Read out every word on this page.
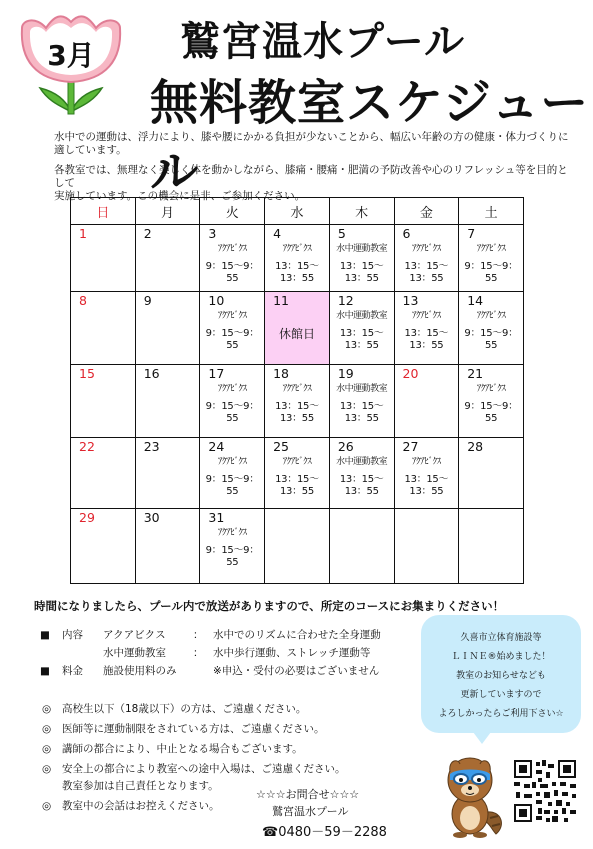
3月 鷲宮温水プール
無料教室スケジュール
水中での運動は、浮力により、膝や腰にかかる負担が少ないことから、幅広い年齢の方の健康・体力づくりに
適しています。
各教室では、無理なく楽しく体を動かしながら、膝痛・腰痛・肥満の予防改善や心のリフレッシュ等を目的として
実施しています。この機会に是非、ご参加ください。
日	月	火	水	木	金	土

1	2	3
ｱｸｱﾋﾞｸｽ
9：15～9：55	4
ｱｸｱﾋﾞｸｽ
13：15～13：55	5
水中運動教室
13：15～13：55	6
ｱｸｱﾋﾞｸｽ
13：15～13：55	7
ｱｸｱﾋﾞｸｽ
9：15～9：55

8	9	10
ｱｸｱﾋﾞｸｽ
9：15～9：55	11
休館日	12
水中運動教室
13：15～13：55	13
ｱｸｱﾋﾞｸｽ
13：15～13：55	14
ｱｸｱﾋﾞｸｽ
9：15～9：55

15	16	17
ｱｸｱﾋﾞｸｽ
9：15～9：55	18
ｱｸｱﾋﾞｸｽ
13：15～13：55	19
水中運動教室
13：15～13：55	20	21
ｱｸｱﾋﾞｸｽ
9：15～9：55

22	23	24
ｱｸｱﾋﾞｸｽ
9：15～9：55	25
ｱｸｱﾋﾞｸｽ
13：15～13：55	26
水中運動教室
13：15～13：55	27
ｱｸｱﾋﾞｸｽ
13：15～13：55	28

29	30	31
ｱｸｱﾋﾞｸｽ
9：15～9：55				

時間になりましたら、プール内で放送がありますので、所定のコースにお集まりください！
■ 内容 アクアビクス	： 水中でのリズムに合わせた全身運動
水中運動教室	： 水中歩行運動、ストレッチ運動等
■ 料金 施設使用料のみ	※申込・受付の必要はございません
久喜市立体育施設等
ＬＩＮＥ®始めました！
教室のお知らせなども
更新していますので
よろしかったらご利用下さい☆
◎ 高校生以下（18歳以下）の方は、ご遠慮ください。
◎ 医師等に運動制限をされている方は、ご遠慮ください。
◎ 講師の都合により、中止となる場合もございます。
◎ 安全上の都合により教室への途中入場は、ご遠慮ください。
教室参加は自己責任となります。
◎ 教室中の会話はお控えください。
☆☆☆お問合せ☆☆☆
鷲宮温水プール
☎0480－59－2288
